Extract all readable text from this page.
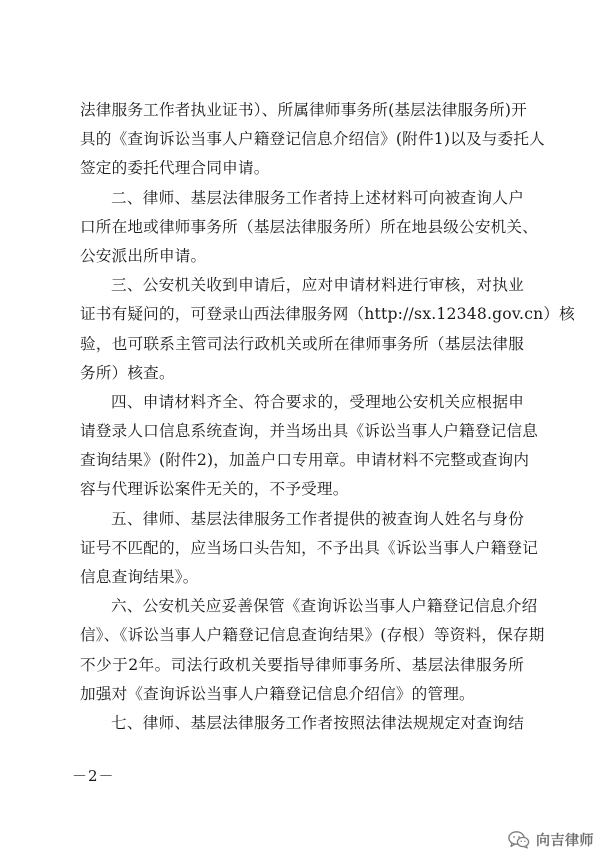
法律服务工作者执业证书）、所属律师事务所(基层法律服务所)开
具的《查询诉讼当事人户籍登记信息介绍信》(附件1)以及与委托人
签定的委托代理合同申请。
二、律师、基层法律服务工作者持上述材料可向被查询人户
口所在地或律师事务所（基层法律服务所）所在地县级公安机关、
公安派出所申请。
三、公安机关收到申请后，应对申请材料进行审核，对执业
证书有疑问的，可登录山西法律服务网（http://sx.12348.gov.cn）核
验，也可联系主管司法行政机关或所在律师事务所（基层法律服
务所）核查。
四、申请材料齐全、符合要求的，受理地公安机关应根据申
请登录人口信息系统查询，并当场出具《诉讼当事人户籍登记信息
查询结果》(附件2)，加盖户口专用章。申请材料不完整或查询内
容与代理诉讼案件无关的，不予受理。
五、律师、基层法律服务工作者提供的被查询人姓名与身份
证号不匹配的，应当场口头告知，不予出具《诉讼当事人户籍登记
信息查询结果》。
六、公安机关应妥善保管《查询诉讼当事人户籍登记信息介绍
信》、《诉讼当事人户籍登记信息查询结果》(存根）等资料，保存期
不少于2年。司法行政机关要指导律师事务所、基层法律服务所
加强对《查询诉讼当事人户籍登记信息介绍信》的管理。
七、律师、基层法律服务工作者按照法律法规规定对查询结
－2－
向吉律师
